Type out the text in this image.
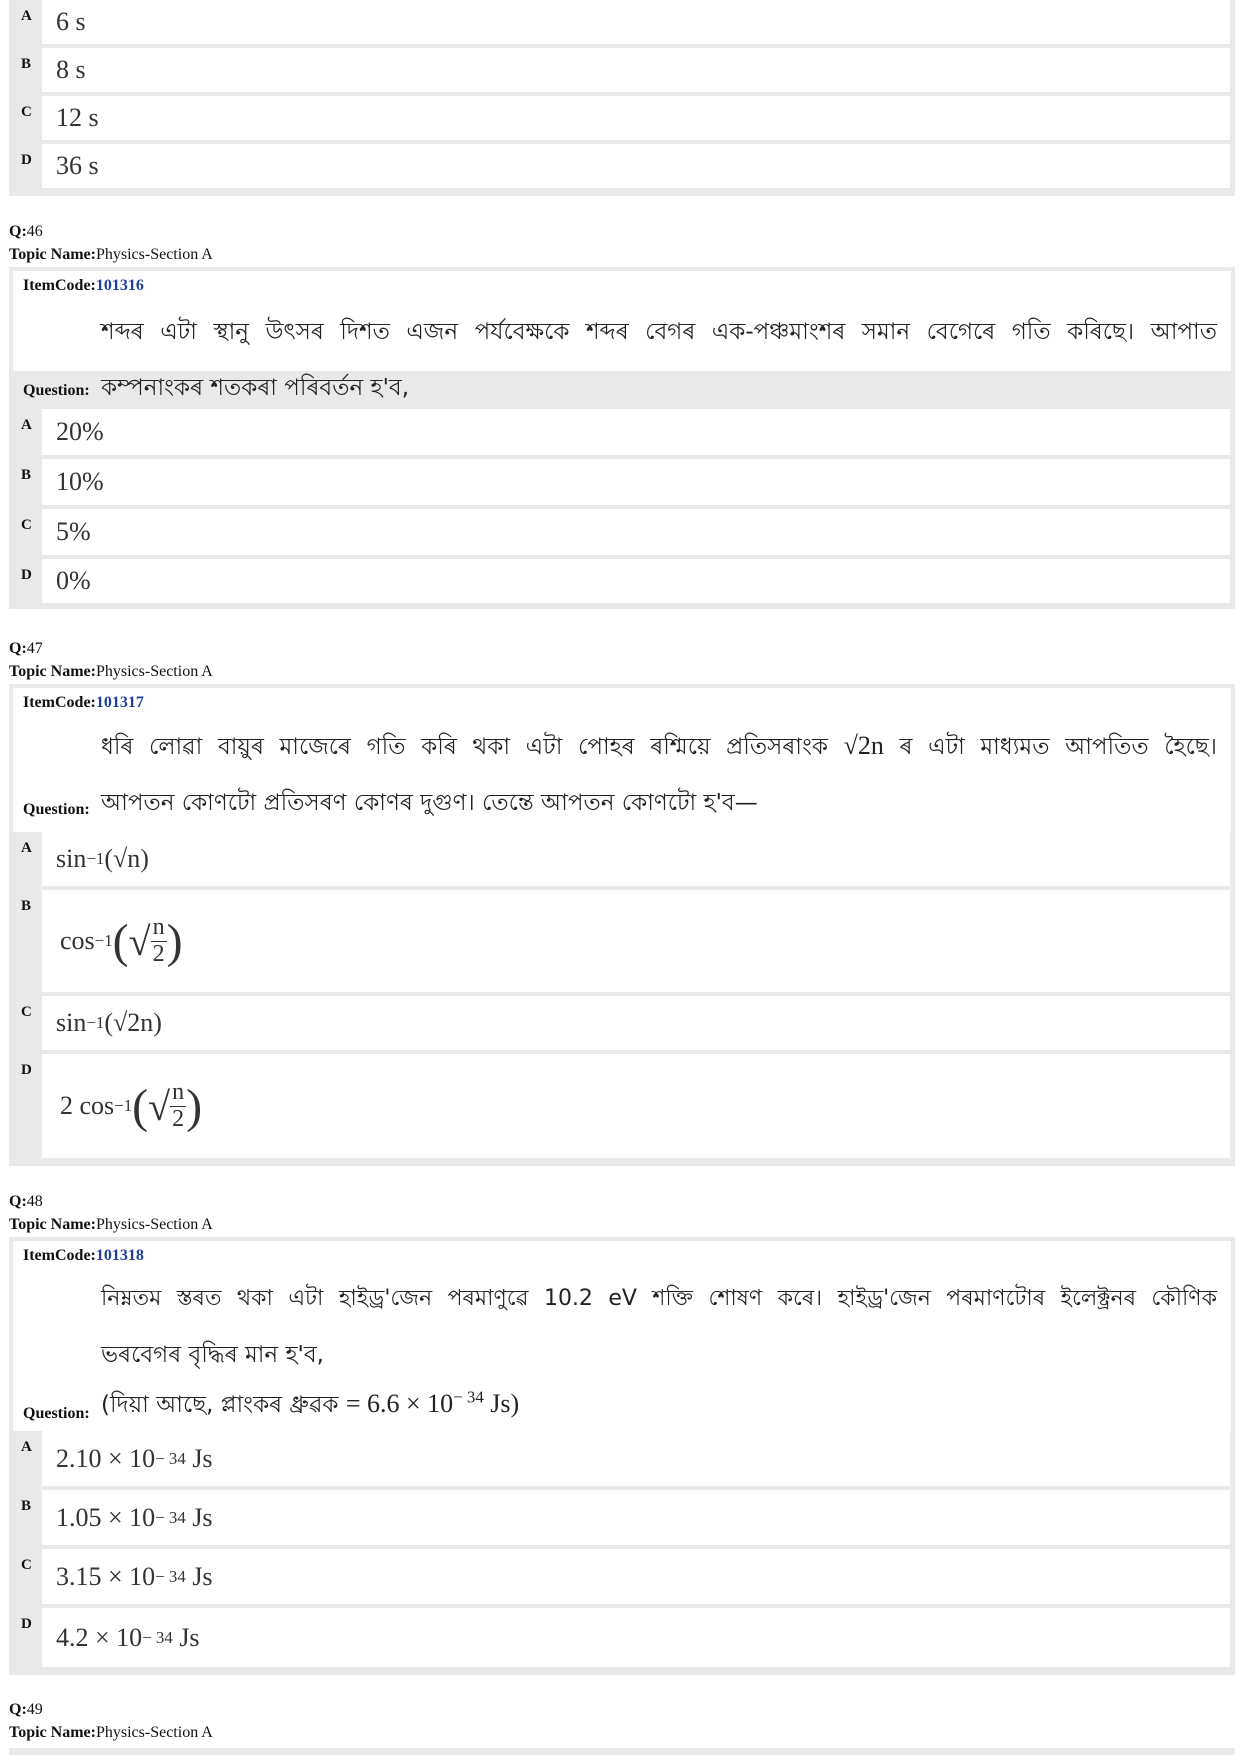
A 6 s
B 8 s
C 12 s
D 36 s
Q:46
Topic Name:Physics-Section A
ItemCode:101316
শব্দৰ এটা স্থানু উৎসৰ দিশত এজন পৰ্যবেক্ষকে শব্দৰ বেগৰ এক-পঞ্চমাংশৰ সমান বেগেৰে গতি কৰিছে। আপাত
কম্পনাংকৰ শতকৰা পৰিবৰ্তন হ'ব,
Question:
A 20%
B 10%
C 5%
D 0%
Q:47
Topic Name:Physics-Section A
ItemCode:101317
ধৰি লোৱা বায়ুৰ মাজেৰে গতি কৰি থকা এটা পোহৰ ৰশ্মিয়ে প্ৰতিসৰাংক √2n ৰ এটা মাধ্যমত আপতিত হৈছে।
আপতন কোণটো প্ৰতিসৰণ কোণৰ দুগুণ। তেন্তে আপতন কোণটো হ'ব—
Question:
A sin −1 (√n)
B
cos −1 ( √ $\frac{n}{2}$ )
C sin −1 (√2n)
D
2 cos −1 ( √ $\frac{n}{2}$ )
Q:48
Topic Name:Physics-Section A
ItemCode:101318
নিম্নতম স্তৰত থকা এটা হাইড্ৰ'জেন পৰমাণুৱে 10.2 eV শক্তি শোষণ কৰে। হাইড্ৰ'জেন পৰমাণটোৰ ইলেক্ট্ৰনৰ কৌণিক
ভৰবেগৰ বৃদ্ধিৰ মান হ'ব,
(দিয়া আছে, প্লাংকৰ ধ্ৰুৱক = $6.6 \times 10^{- 34}$ Js)
Question:
A 2.10 × 10 − 34
Js
B 1.05 × 10 − 34
Js
C 3.15 × 10 − 34
Js
D 4.2 × 10 − 34
Js
Q:49
Topic Name:Physics-Section A
